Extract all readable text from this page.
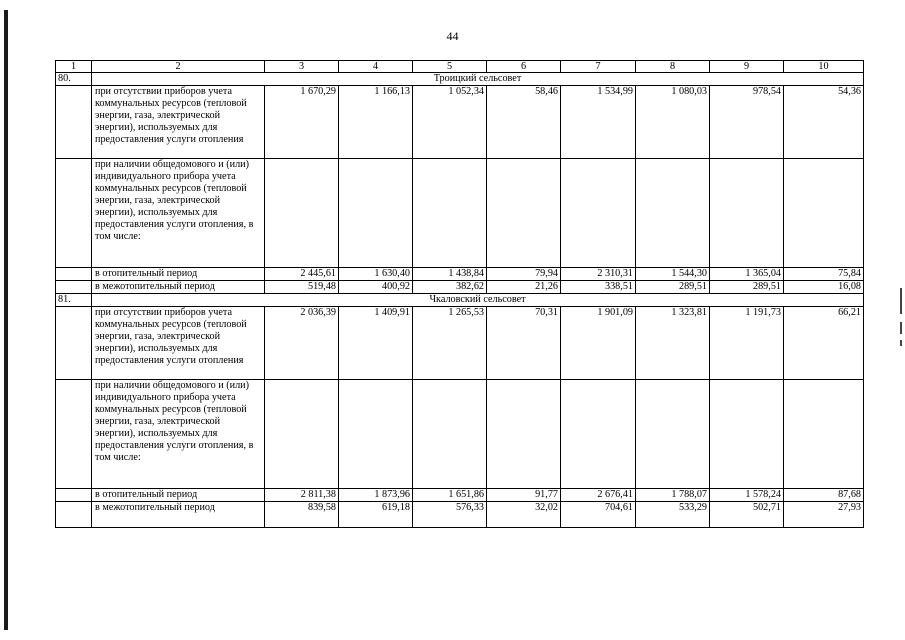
44
1	2	3	4	5	6	7	8	9	10
80.	Троицкий сельсовет								
	при отсутствии приборов учета коммунальных ресурсов (тепловой энергии, газа, электрической энергии), используемых для предоставления услуги отопления	1 670,29	1 166,13	1 052,34	58,46	1 534,99	1 080,03	978,54	54,36
	при наличии общедомового и (или) индивидуального прибора учета коммунальных ресурсов (тепловой энергии, газа, электрической энергии), используемых для предоставления услуги отопления, в том числе:								
	в отопительный период	2 445,61	1 630,40	1 438,84	79,94	2 310,31	1 544,30	1 365,04	75,84
	в межотопительный период	519,48	400,92	382,62	21,26	338,51	289,51	289,51	16,08
81.	Чкаловский сельсовет								
	при отсутствии приборов учета коммунальных ресурсов (тепловой энергии, газа, электрической энергии), используемых для предоставления услуги отопления	2 036,39	1 409,91	1 265,53	70,31	1 901,09	1 323,81	1 191,73	66,21
	при наличии общедомового и (или) индивидуального прибора учета коммунальных ресурсов (тепловой энергии, газа, электрической энергии), используемых для предоставления услуги отопления, в том числе:								
	в отопительный период	2 811,38	1 873,96	1 651,86	91,77	2 676,41	1 788,07	1 578,24	87,68
	в межотопительный период	839,58	619,18	576,33	32,02	704,61	533,29	502,71	27,93
